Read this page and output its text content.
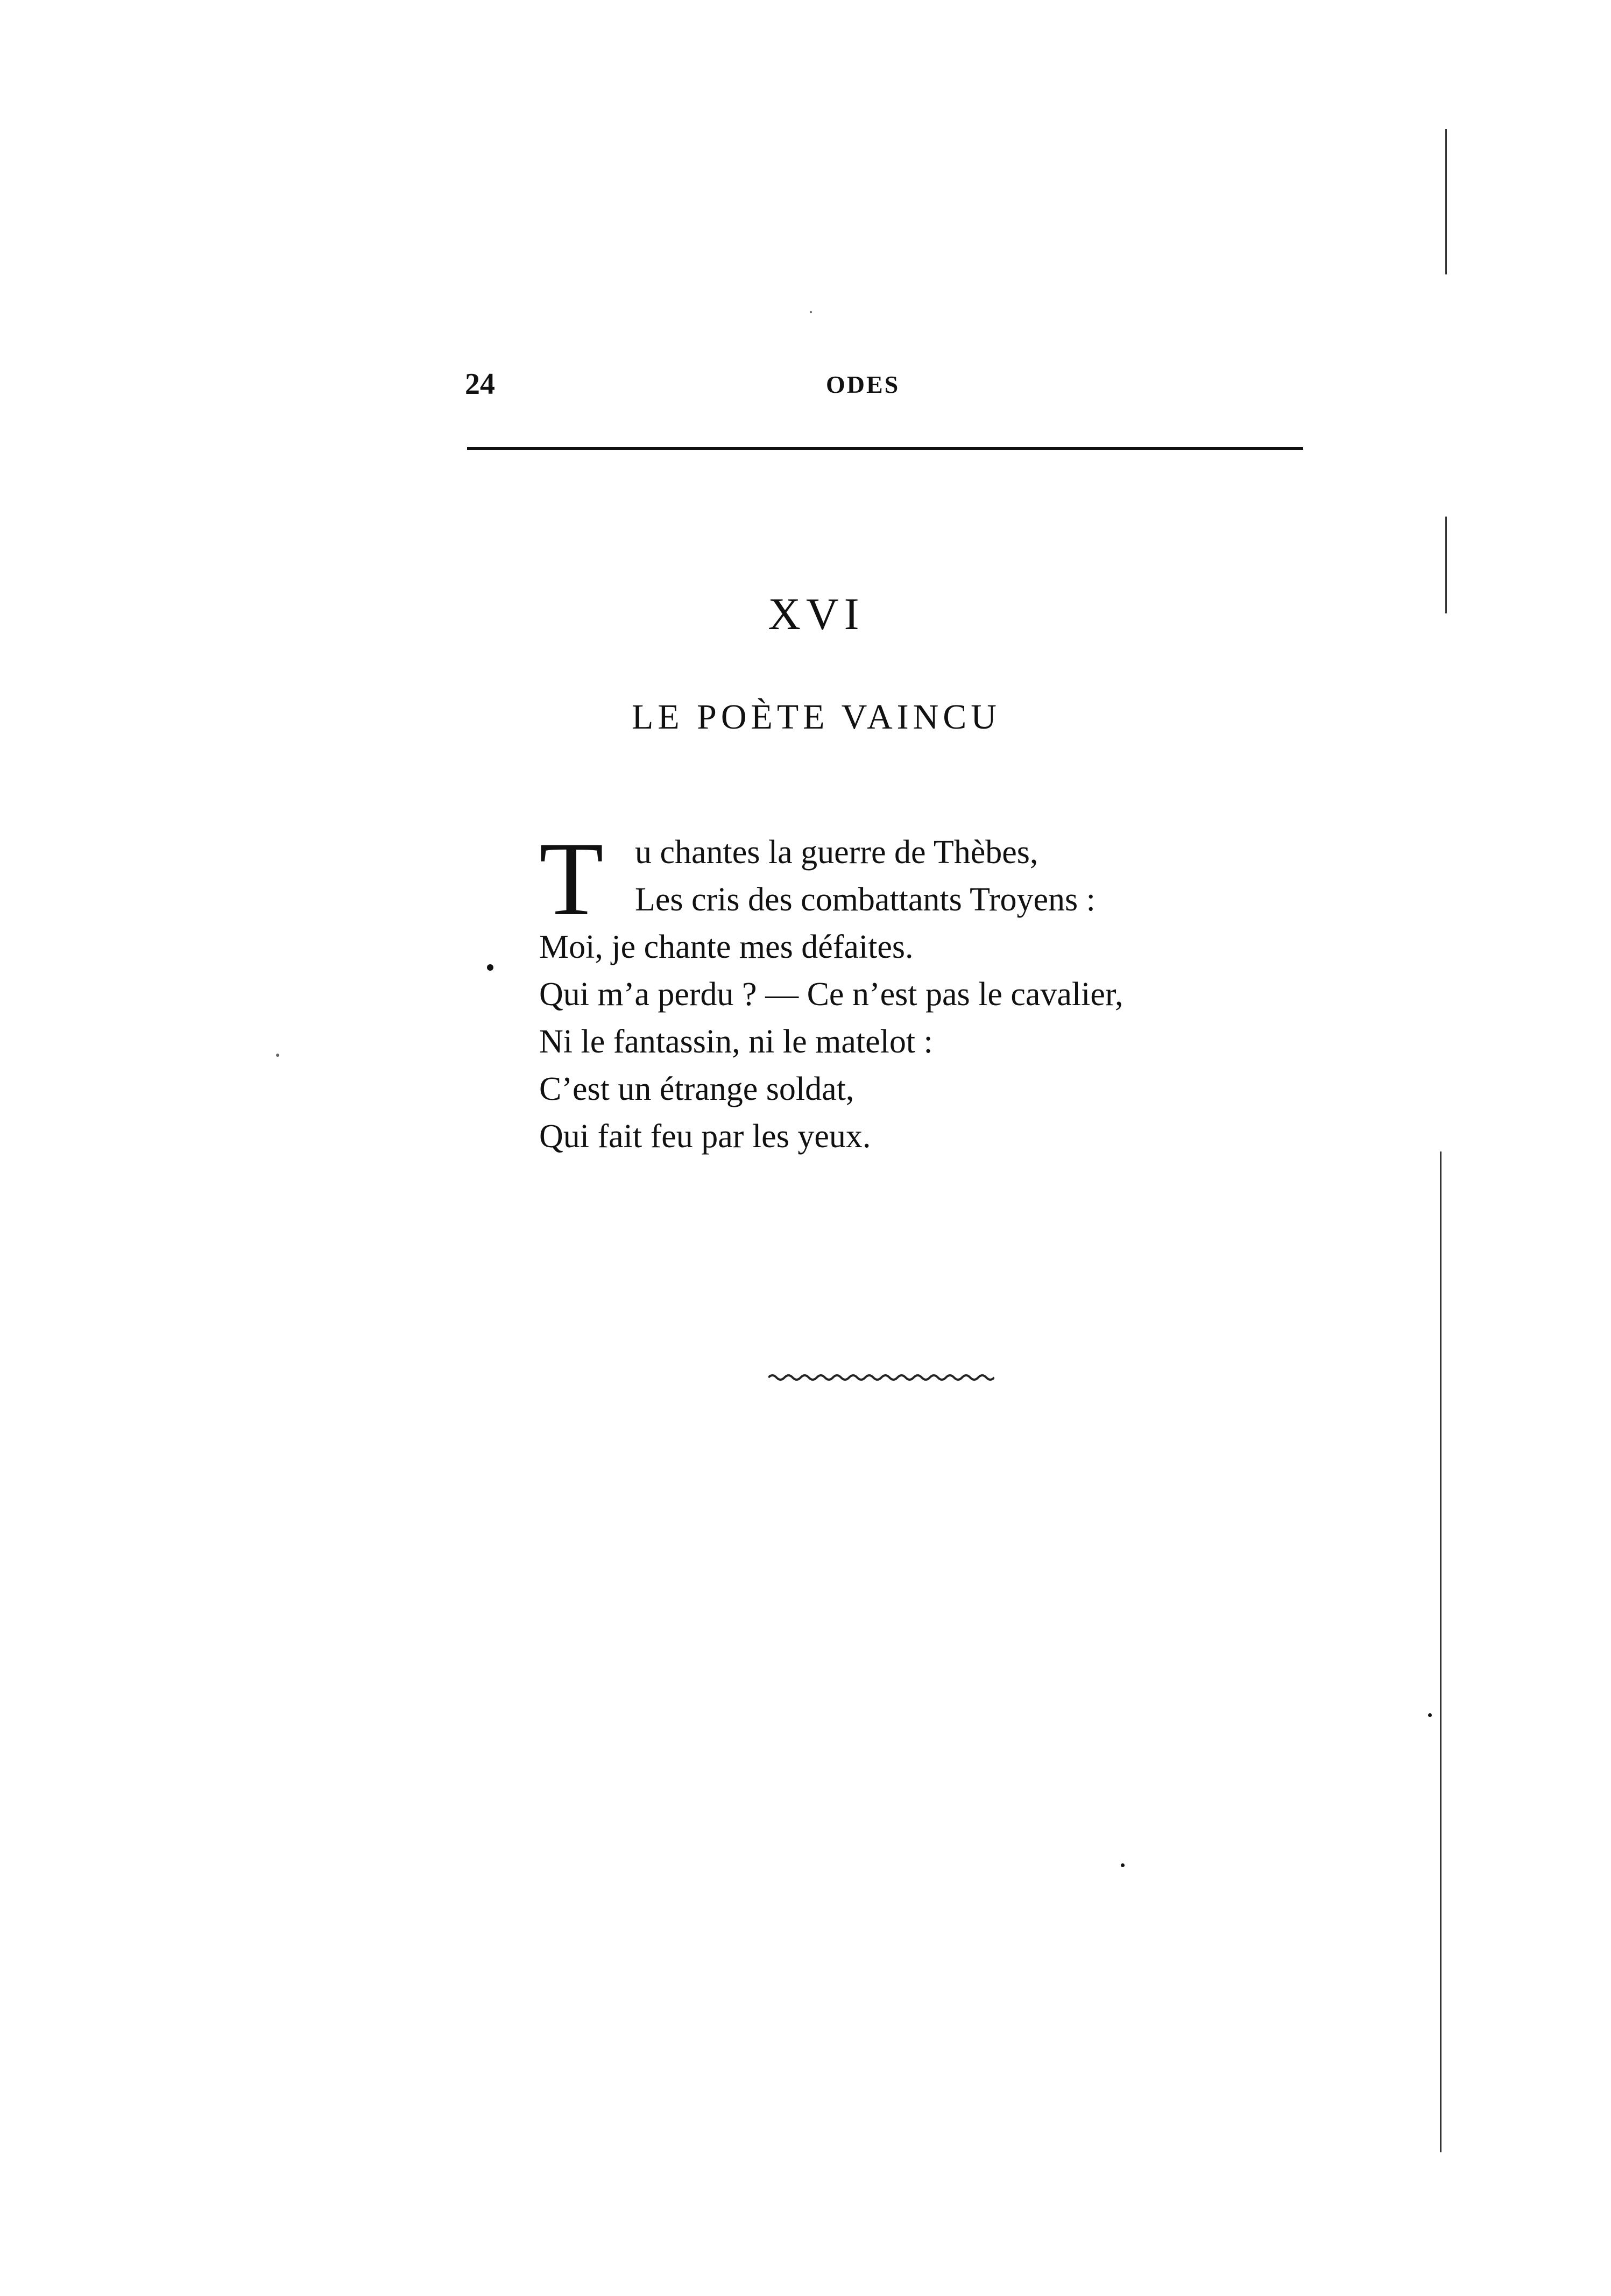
24	ODES
XVI
LE POÈTE VAINCU
T u chantes la guerre de Thèbes,
Les cris des combattants Troyens :
Moi, je chante mes défaites.
Qui m’a perdu ? — Ce n’est pas le cavalier,
Ni le fantassin, ni le matelot :
C’est un étrange soldat,
Qui fait feu par les yeux.
